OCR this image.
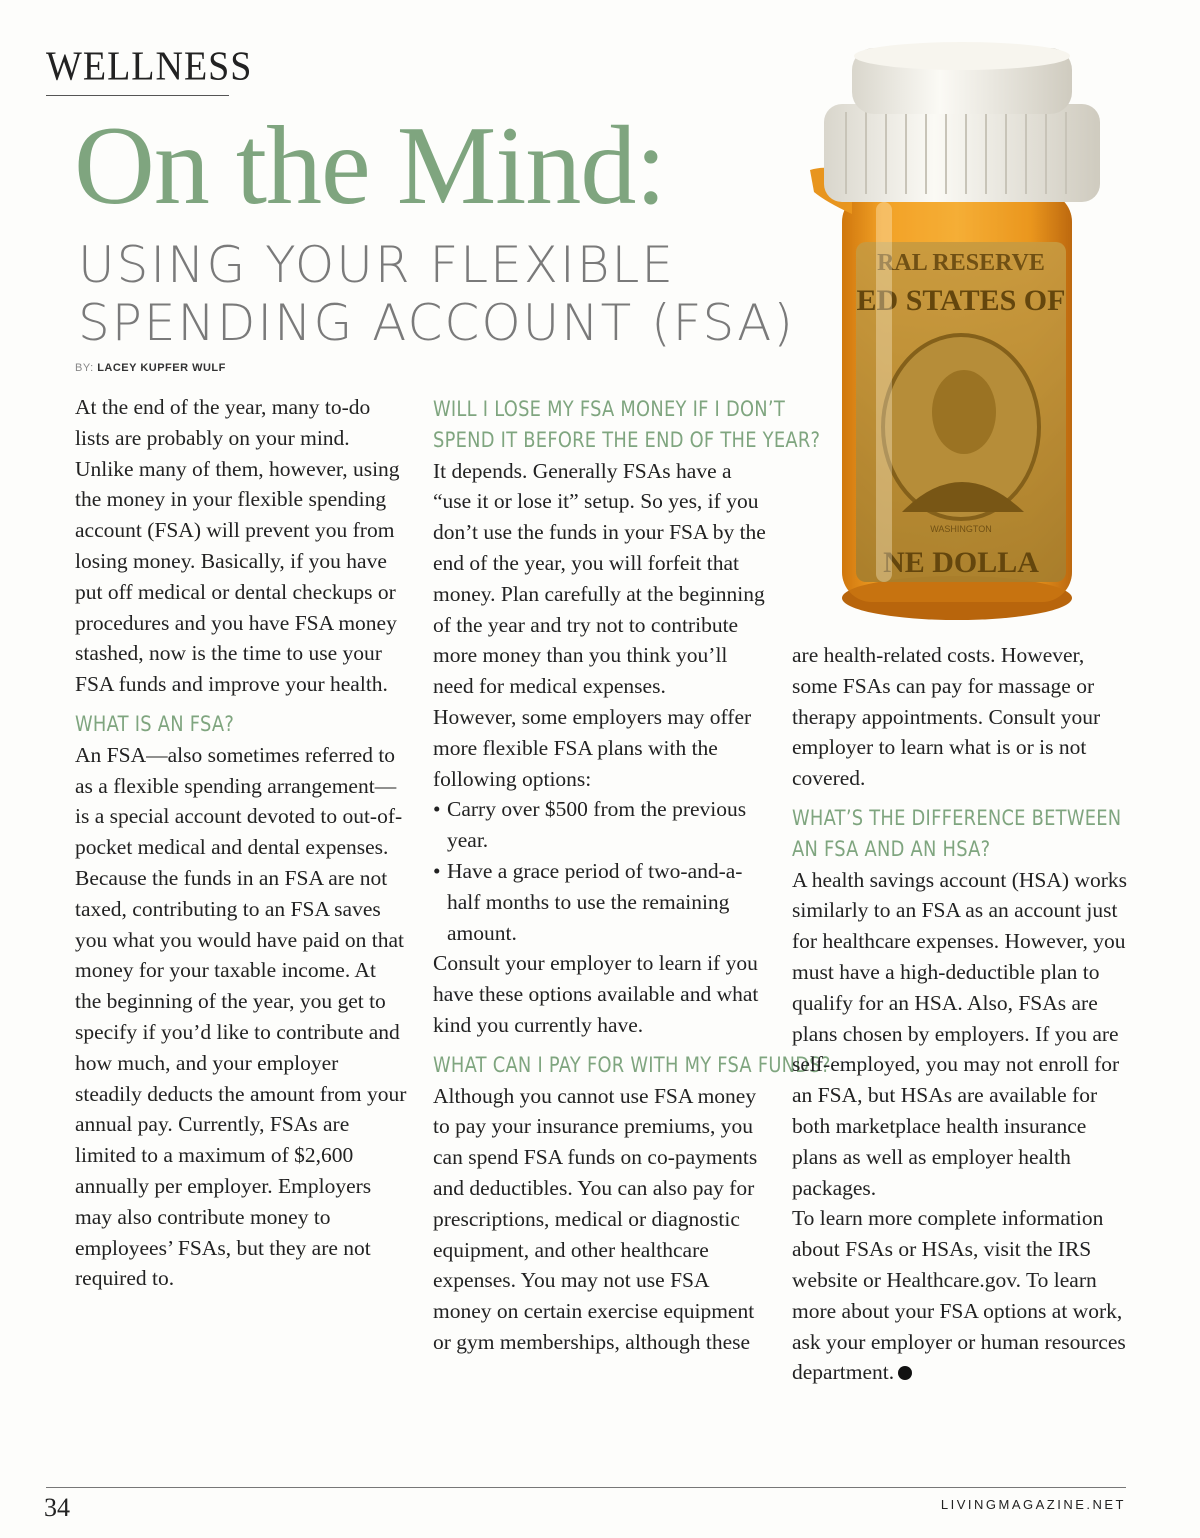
WELLNESS
On the Mind:
USING YOUR FLEXIBLE
SPENDING ACCOUNT (FSA)
BY: LACEY KUPFER WULF

At the end of the year, many to-do lists are probably on your mind. Unlike many of them, however, using the money in your flexible spending account (FSA) will prevent you from losing money. Basically, if you have put off medical or dental checkups or procedures and you have FSA money stashed, now is the time to use your FSA funds and improve your health.

WHAT IS AN FSA?

An FSA—also sometimes referred to as a flexible spending arrangement—is a special account devoted to out-of-pocket medical and dental expenses. Because the funds in an FSA are not taxed, contributing to an FSA saves you what you would have paid on that money for your taxable income. At the beginning of the year, you get to specify if you’d like to contribute and how much, and your employer steadily deducts the amount from your annual pay. Currently, FSAs are limited to a maximum of $2,600 annually per employer. Employers may also contribute money to employees’ FSAs, but they are not required to.

WILL I LOSE MY FSA MONEY IF I DON’T
SPEND IT BEFORE THE END OF THE YEAR?

It depends. Generally FSAs have a “use it or lose it” setup. So yes, if you don’t use the funds in your FSA by the end of the year, you will forfeit that money. Plan carefully at the beginning of the year and try not to contribute more money than you think you’ll need for medical expenses.

However, some employers may offer more flexible FSA plans with the following options:

• Carry over $500 from the previous year.
• Have a grace period of two-and-a-half months to use the remaining amount.

Consult your employer to learn if you have these options available and what kind you currently have.

WHAT CAN I PAY FOR WITH MY FSA FUNDS?

Although you cannot use FSA money to pay your insurance premiums, you can spend FSA funds on co-payments and deductibles. You can also pay for prescriptions, medical or diagnostic equipment, and other healthcare expenses. You may not use FSA money on certain exercise equipment or gym memberships, although these

are health-related costs. However, some FSAs can pay for massage or therapy appointments. Consult your employer to learn what is or is not covered.

WHAT’S THE DIFFERENCE BETWEEN
AN FSA AND AN HSA?

A health savings account (HSA) works similarly to an FSA as an account just for healthcare expenses. However, you must have a high-deductible plan to qualify for an HSA. Also, FSAs are plans chosen by employers. If you are self-employed, you may not enroll for an FSA, but HSAs are available for both marketplace health insurance plans as well as employer health packages.

To learn more complete information about FSAs or HSAs, visit the IRS website or Healthcare.gov. To learn more about your FSA options at work, ask your employer or human resources department.

RAL RESERVE
ED STATES OF
WASHINGTON
NE DOLLA
34	LIVINGMAGAZINE.NET
